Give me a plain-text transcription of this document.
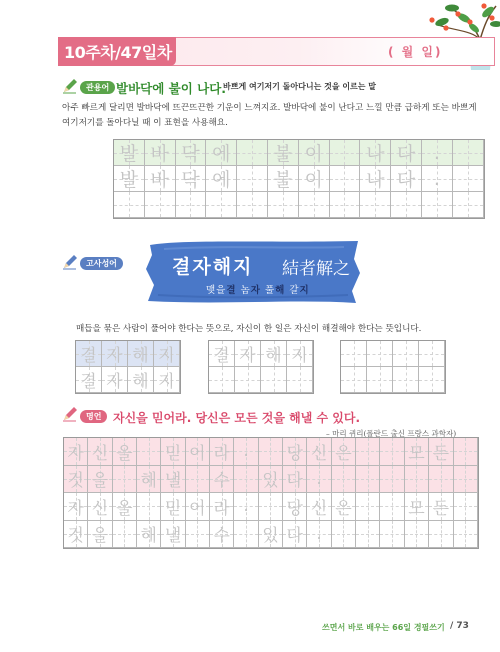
10주차/47일차	( 월 일)
관용어 발바닥에 불이 나다.
바쁘게 여기저기 돌아다니는 것을 이르는 말
아주 빠르게 달리면 발바닥에 뜨끈뜨끈한 기운이 느껴지죠. 발바닥에 불이 난다고 느낄 만큼 급하게 또는 바쁘게 여기저기를 돌아다닐 때 이 표현을 사용해요.
발 바 닥 에 불 이 나 다 .
발 바 닥 에 불 이 나 다 .
고사성어	결자해지 結者解之
맺을결 놈자 풀해 갈지
매듭을 묶은 사람이 풀어야 한다는 뜻으로, 자신이 한 일은 자신이 해결해야 한다는 뜻입니다.
결 자 해 지
결 자 해 지
결 자 해 지
명언 자신을 믿어라. 당신은 모든 것을 해낼 수 있다.
– 마리 퀴리(폴란드 출신 프랑스 과학자)
자 신 을 믿 어 라 . 당 신 은	모 든
것 을 해 낼 수 있 다 .
자 신 을 믿 어 라 . 당 신 은	모 든
것 을 해 낼 수 있 다 .
쓰면서 바로 배우는 66일 경필쓰기 / 73
